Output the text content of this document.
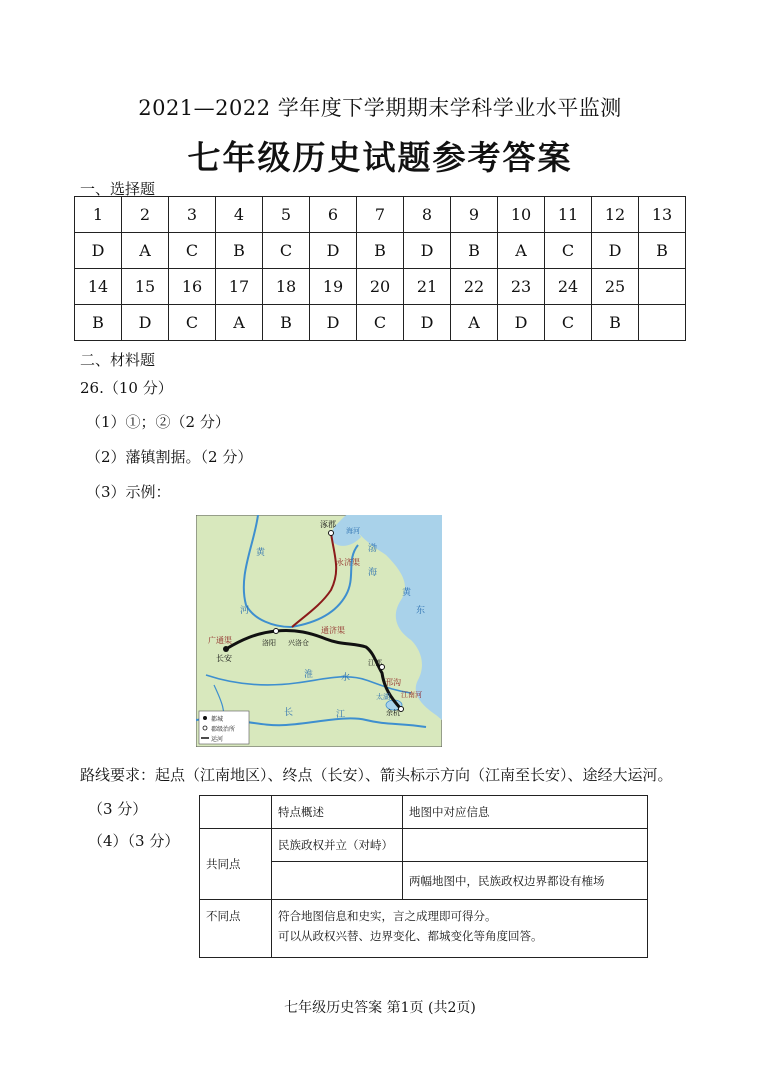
2021—2022 学年度下学期期末学科学业水平监测
七年级历史试题参考答案
一、选择题
1	2	3	4	5	6	7	8	9	10	11	12	13
D	A	C	B	C	D	B	D	B	A	C	D	B
14	15	16	17	18	19	20	21	22	23	24	25	
B	D	C	A	B	D	C	D	A	D	C	B	
二、材料题
26.（10 分）
（1）①；②（2 分）
（2）藩镇割据。（2 分）
（3）示例：
涿郡
永济渠
广通渠
长安
洛阳 兴洛仓
通济渠
江都
邗沟
江南河
余杭
太湖
海河
黄
河
淮	水
长	江
渤
海
黄
东
都城
郡级治所
运河
路线要求：起点（江南地区）、终点（长安）、箭头标示方向（江南至长安）、途经大运河。
（3 分）
（4）（3 分）
	特点概述	地图中对应信息
共同点	民族政权并立（对峙）	
		两幅地图中，民族政权边界都设有榷场
不同点	符合地图信息和史实，言之成理即可得分。
可以从政权兴替、边界变化、都城变化等角度回答。	
七年级历史答案 第1页 (共2页)
